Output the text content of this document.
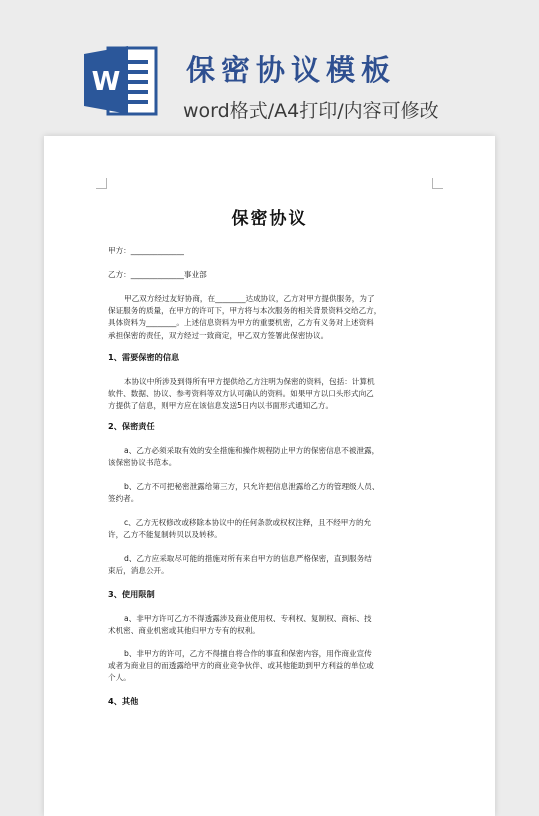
W 保密协议模板
word格式/A4打印/内容可修改
保密协议
甲方：______________
乙方：______________事业部
甲乙双方经过友好协商，在________达成协议，乙方对甲方提供服务，为了
保证服务的质量，在甲方的许可下，甲方将与本次服务的相关背景资料交给乙方，
具体资料为________。上述信息资料为甲方的重要机密，乙方有义务对上述资料
承担保密的责任，双方经过一致商定，甲乙双方签署此保密协议。
1、需要保密的信息
本协议中所涉及到得所有甲方提供给乙方注明为保密的资料，包括：计算机
软件、数据、协议、参考资料等双方认可确认的资料。如果甲方以口头形式向乙
方提供了信息，则甲方应在该信息发送5日内以书面形式通知乙方。
2、保密责任
a、乙方必须采取有效的安全措施和操作规程防止甲方的保密信息不被泄露，
该保密协议书范本。
b、乙方不可把秘密泄露给第三方，只允许把信息泄露给乙方的管理级人员、
签约者。
c、乙方无权修改或移除本协议中的任何条款或权权注释，且不经甲方的允
许，乙方不能复制转贝以及转移。
d、乙方应采取尽可能的措施对所有来自甲方的信息严格保密，直到服务结
束后，消息公开。
3、使用限制
a、非甲方许可乙方不得透露涉及商业使用权、专利权、复制权、商标、技
术机密、商业机密或其他归甲方专有的权利。
b、非甲方的许可，乙方不得擅自将合作的事直和保密内容，用作商业宣传
或者为商业目的而透露给甲方的商业竞争伙伴、或其他能助到甲方利益的单位或
个人。
4、其他
